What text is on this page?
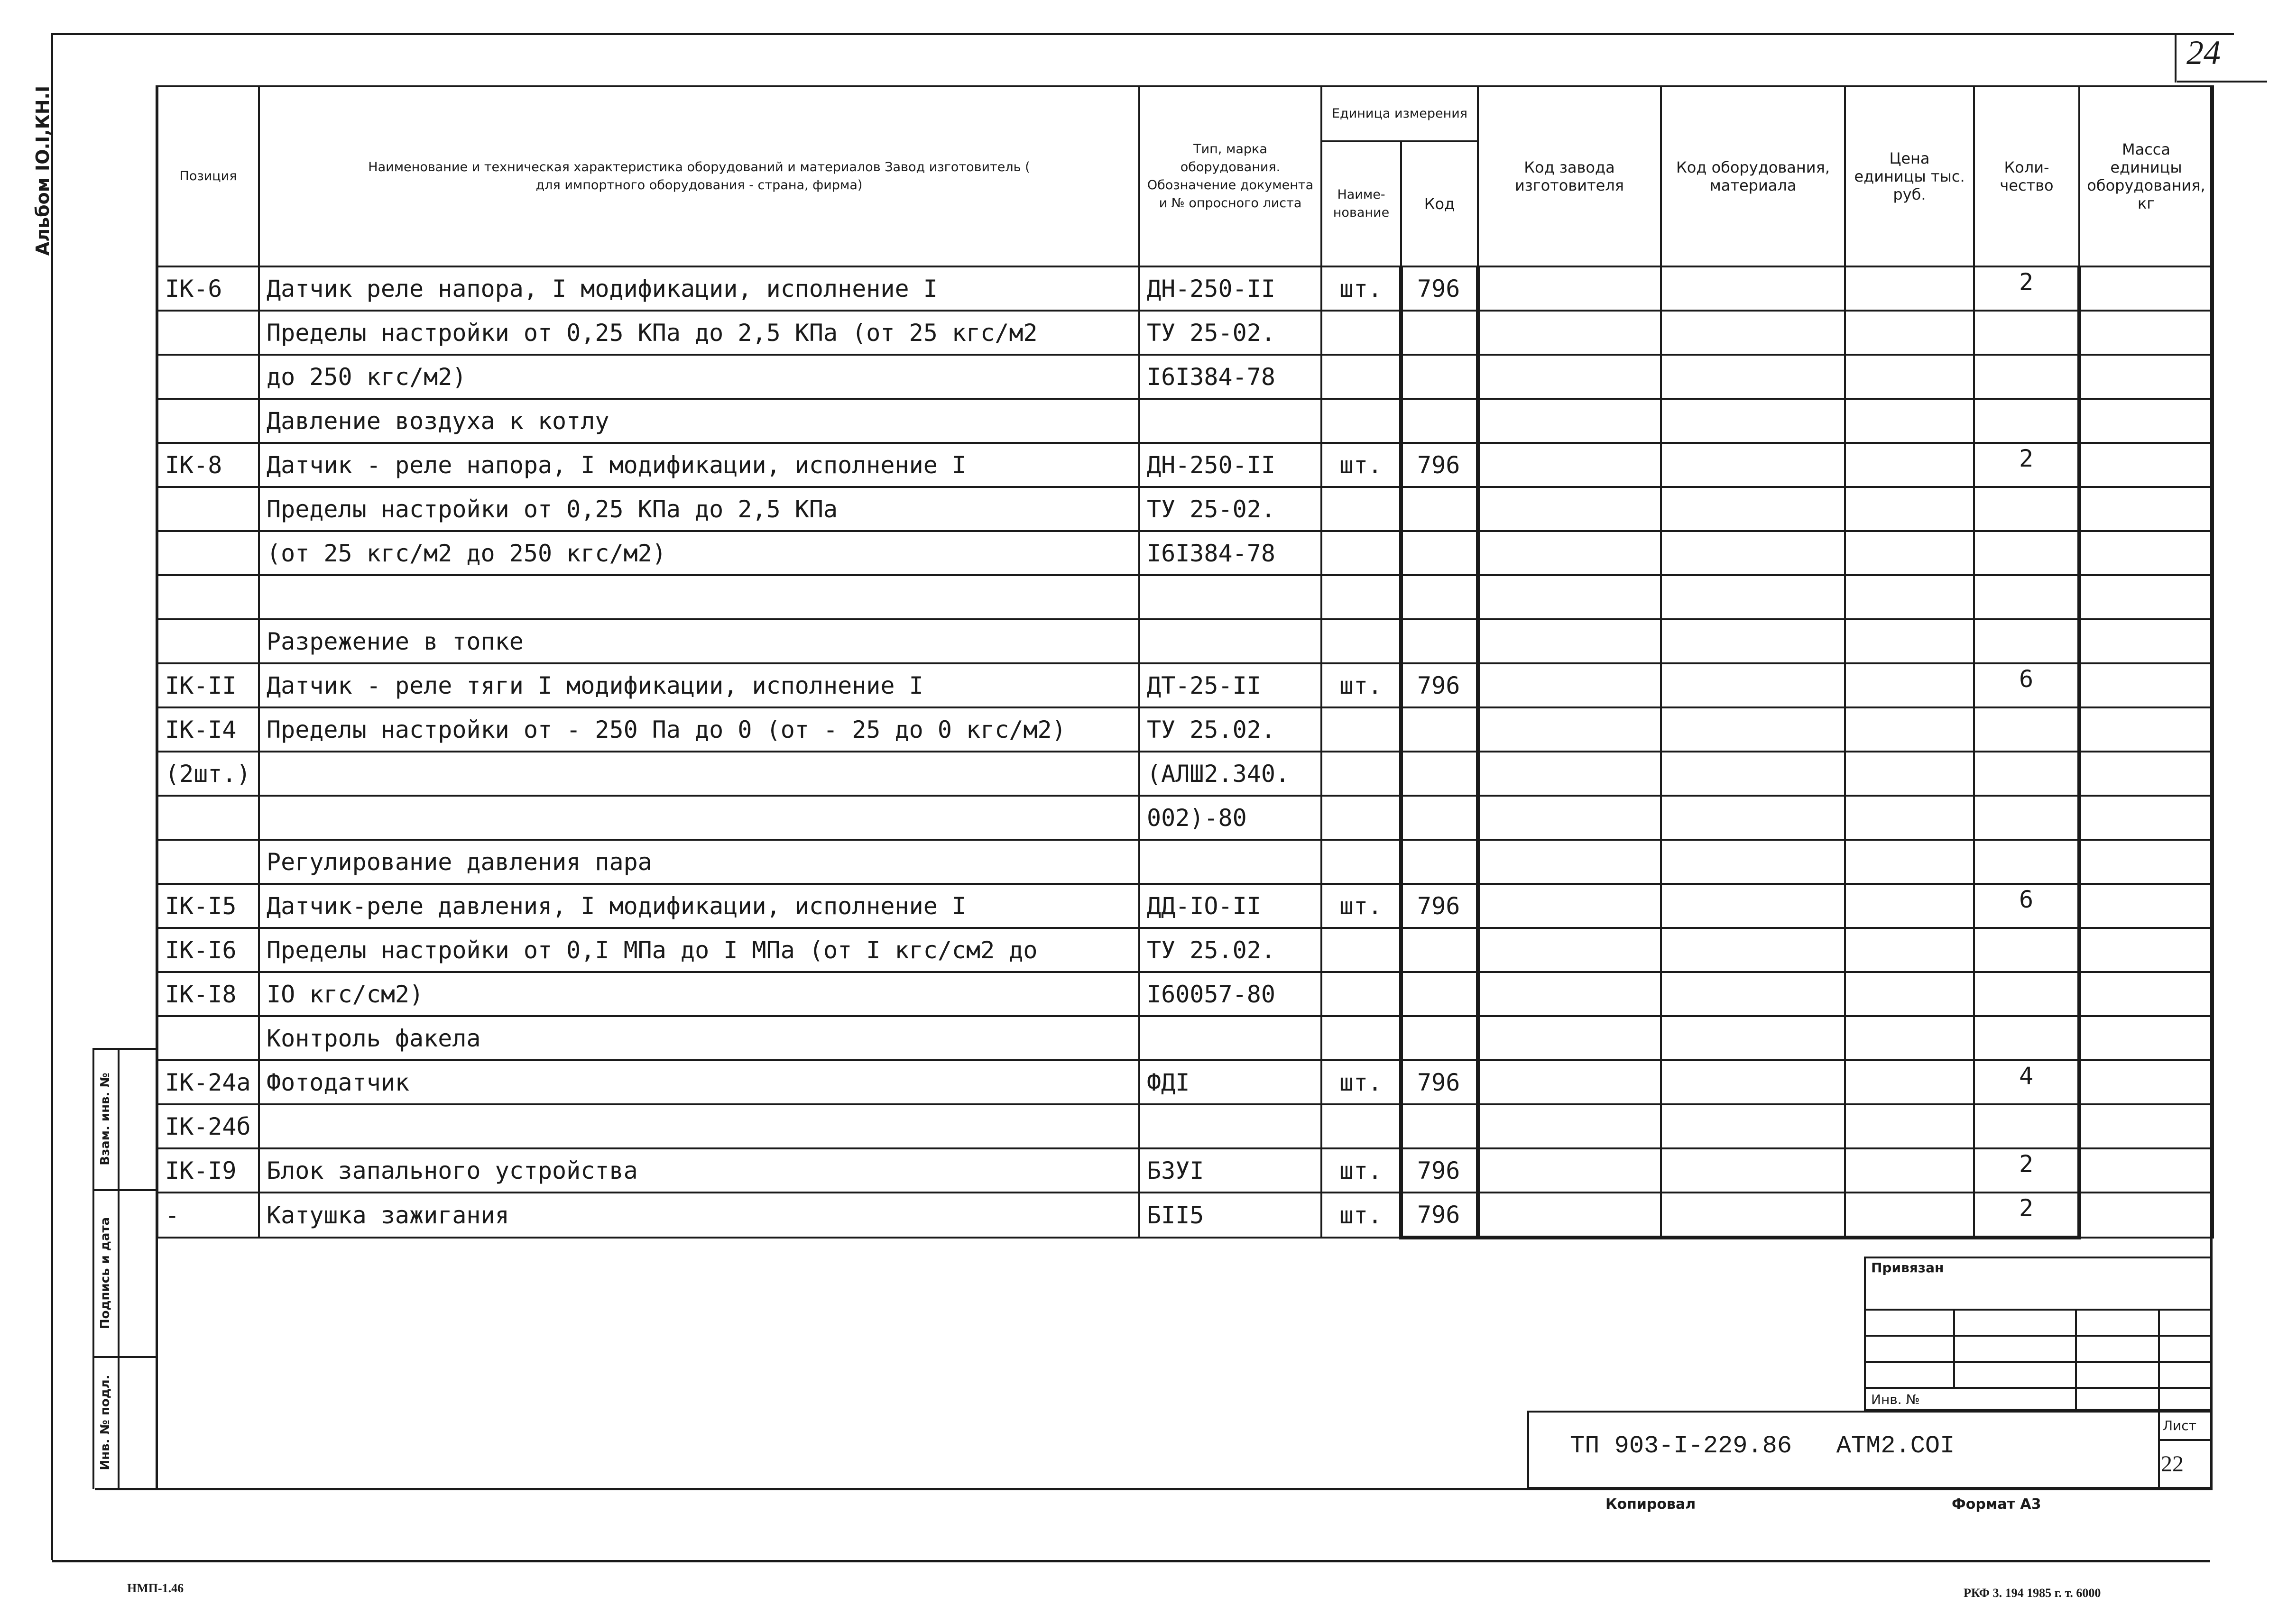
24
Альбом IO.I,КН.I	Позиция	Наименование и техническая характеристика оборудований и материалов Завод изготовитель ( для импортного оборудования - страна, фирма)	Тип, марка оборудования. Обозначение документа и № опросного листа	Единица измерения		Код завода изготовителя	Код оборудования, материала	Цена единицы тыс. руб.	Коли-чество	Масса единицы оборудования, кг
			Наиме-нование	Код					
IК-6	Датчик реле напора, I модификации, исполнение I	ДН-250-II	шт.	796				2	
	Пределы настройки от 0,25 КПа до 2,5 КПа (от 25 кгс/м2	ТУ 25-02.							
	до 250 кгс/м2)	I6I384-78							
	Давление воздуха к котлу								
IК-8	Датчик - реле напора, I модификации, исполнение I	ДН-250-II	шт.	796				2	
	Пределы настройки от 0,25 КПа до 2,5 КПа	ТУ 25-02.							
	(от 25 кгс/м2 до 250 кгс/м2)	I6I384-78							

	Разрежение в топке								
IК-II	Датчик - реле тяги I модификации, исполнение I	ДТ-25-II	шт.	796				6	
IК-I4	Пределы настройки от - 250 Па до 0 (от - 25 до 0 кгс/м2)	ТУ 25.02.							
(2шт.)		(АЛШ2.340.							
		002)-80							
	Регулирование давления пара								
IК-I5	Датчик-реле давления, I модификации, исполнение I	ДД-IO-II	шт.	796				6	
IК-I6	Пределы настройки от 0,I МПа до I МПа (от I кгс/см2 до	ТУ 25.02.							
IК-I8	IO кгс/см2)	I60057-80							
	Контроль факела								
IК-24а	Фотодатчик	ФДI	шт.	796				4	
IК-24б									
IК-I9	Блок запального устройства	БЗУI	шт.	796				2	
-	Катушка зажигания	БII5	шт.	796				2	
Взам. инв. №
Подпись и дата
Инв. № подл.
Привязан
Инв. №
ТП 903-I-229.86   АТМ2.СОI
Лист
22
Копировал	Формат А3
НМП-1.46	РКФ 3. 194 1985 г. т. 6000
